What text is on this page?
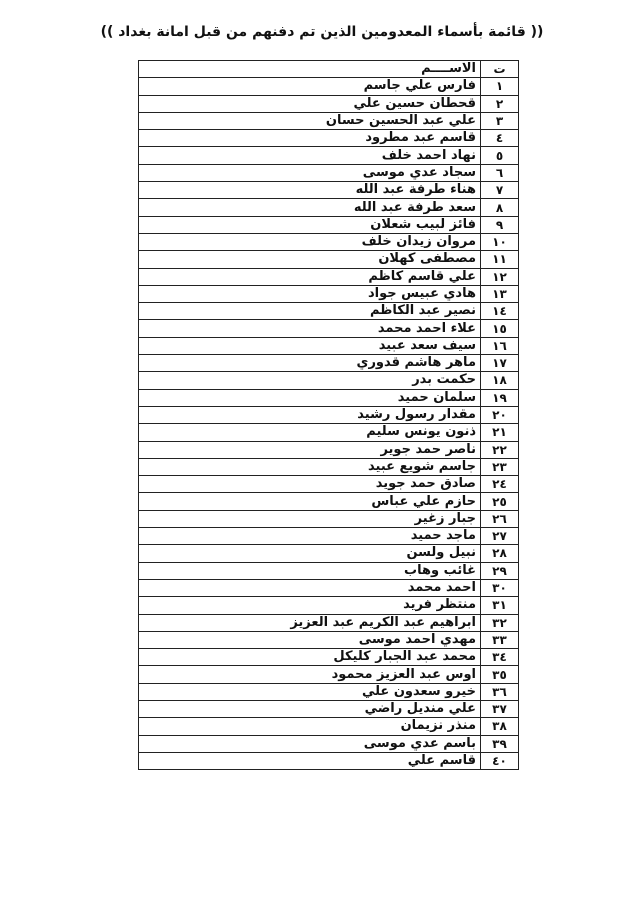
(( قائمة بأسماء المعدومين الذين تم دفنهم من قبل امانة بغداد ))
ت	الاســــم
١	فارس علي جاسم
٢	قحطان حسين علي
٣	علي عبد الحسين حسان
٤	قاسم عبد مطرود
٥	نهاد احمد خلف
٦	سجاد عدي موسى
٧	هناء طرفة عبد الله
٨	سعد طرفة عبد الله
٩	فائز لبيب شعلان
١٠	مروان زيدان خلف
١١	مصطفى كهلان
١٢	علي قاسم كاظم
١٣	هادي عبيس جواد
١٤	نصير عبد الكاظم
١٥	علاء احمد محمد
١٦	سيف سعد عبيد
١٧	ماهر هاشم قدوري
١٨	حكمت بدر
١٩	سلمان حميد
٢٠	مقدار رسول رشيد
٢١	ذنون يونس سليم
٢٢	ناصر حمد جوير
٢٣	جاسم شويع عبيد
٢٤	صادق حمد جويد
٢٥	حازم علي عباس
٢٦	جبار زغير
٢٧	ماجد حميد
٢٨	نبيل ولسن
٢٩	غائب وهاب
٣٠	احمد محمد
٣١	منتظر فريد
٣٢	ابراهيم عبد الكريم عبد العزيز
٣٣	مهدي احمد موسى
٣٤	محمد عبد الجبار كليكل
٣٥	اوس عبد العزيز محمود
٣٦	خيرو سعدون علي
٣٧	علي منديل راضي
٣٨	منذر نزيمان
٣٩	باسم عدي موسى
٤٠	قاسم علي
